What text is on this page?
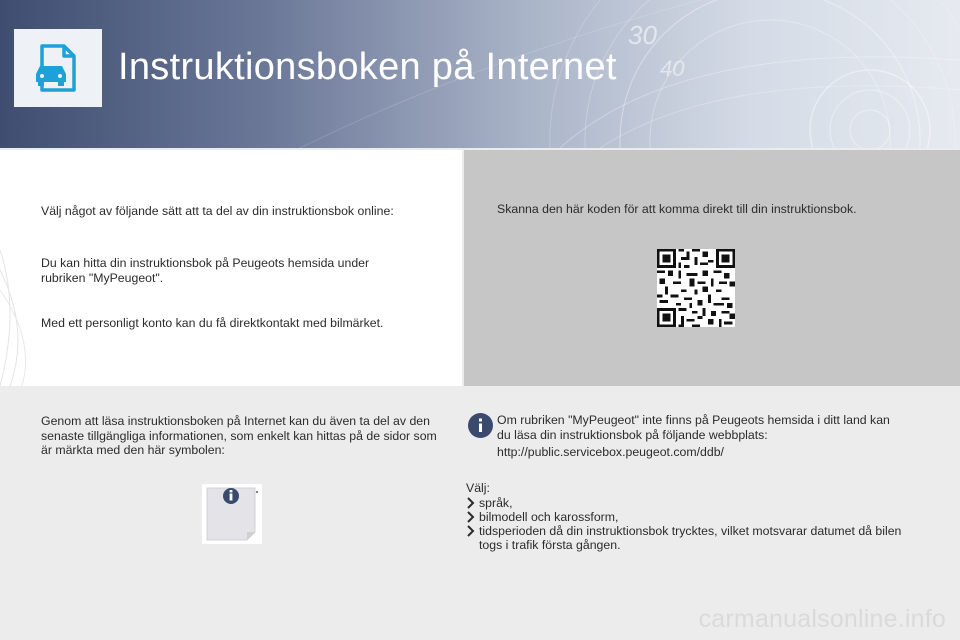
30
40
Instruktionsboken på Internet
Välj något av följande sätt att ta del av din instruktionsbok online:
Du kan hitta din instruktionsbok på Peugeots hemsida under rubriken "MyPeugeot".
Med ett personligt konto kan du få direktkontakt med bilmärket.
Skanna den här koden för att komma direkt till din instruktionsbok.
Genom att läsa instruktionsboken på Internet kan du även ta del av den senaste tillgängliga informationen, som enkelt kan hittas på de sidor som är märkta med den här symbolen:
Om rubriken "MyPeugeot" inte finns på Peugeots hemsida i ditt land kan du läsa din instruktionsbok på följande webbplats:
http://public.servicebox.peugeot.com/ddb/
Välj:
språk,
bilmodell och karossform,
tidsperioden då din instruktionsbok trycktes, vilket motsvarar datumet då bilen togs i trafik första gången.
carmanualsonline.info
